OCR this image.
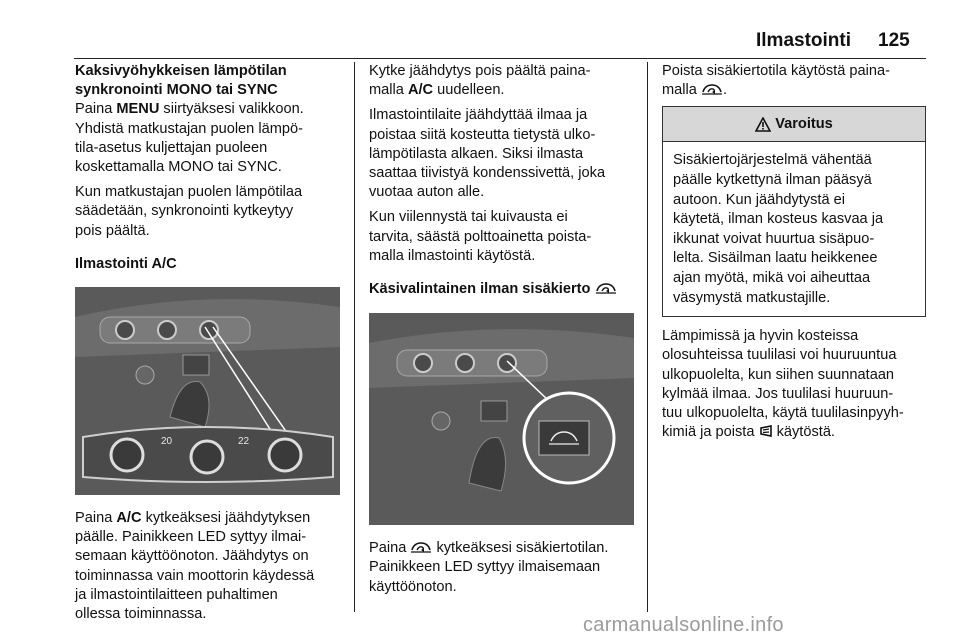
Ilmastointi 125
Kaksivyöhykkeisen lämpötilan
synkronointi MONO tai SYNC

Paina MENU siirtyäksesi valikkoon.
Yhdistä matkustajan puolen lämpö-
tila-asetus kuljettajan puoleen
koskettamalla MONO tai SYNC.

Kun matkustajan puolen lämpötilaa
säädetään, synkronointi kytkeytyy
pois päältä.

Ilmastointi A/C
20	22

Paina A/C kytkeäksesi jäähdytyksen
päälle. Painikkeen LED syttyy ilmai-
semaan käyttöönoton. Jäähdytys on
toiminnassa vain moottorin käydessä
ja ilmastointilaitteen puhaltimen
ollessa toiminnassa.

Kytke jäähdytys pois päältä paina-
malla A/C uudelleen.

Ilmastointilaite jäähdyttää ilmaa ja
poistaa siitä kosteutta tietystä ulko-
lämpötilasta alkaen. Siksi ilmasta
saattaa tiivistyä kondenssivettä, joka
vuotaa auton alle.

Kun viilennystä tai kuivausta ei
tarvita, säästä polttoainetta poista-
malla ilmastointi käytöstä.

Käsivalintainen ilman sisäkierto

Paina  kytkeäksesi sisäkiertotilan.
Painikkeen LED syttyy ilmaisemaan
käyttöönoton.

Poista sisäkiertotila käytöstä paina-
malla .

Varoitus
Sisäkiertojärjestelmä vähentää
päälle kytkettynä ilman pääsyä
autoon. Kun jäähdytystä ei
käytetä, ilman kosteus kasvaa ja
ikkunat voivat huurtua sisäpuo-
lelta. Sisäilman laatu heikkenee
ajan myötä, mikä voi aiheuttaa
väsymystä matkustajille.

Lämpimissä ja hyvin kosteissa
olosuhteissa tuulilasi voi huuruuntua
ulkopuolelta, kun siihen suunnataan
kylmää ilmaa. Jos tuulilasi huuruun-
tuu ulkopuolelta, käytä tuulilasinpyyh-
kimiä ja poista  käytöstä.

carmanualsonline.info
